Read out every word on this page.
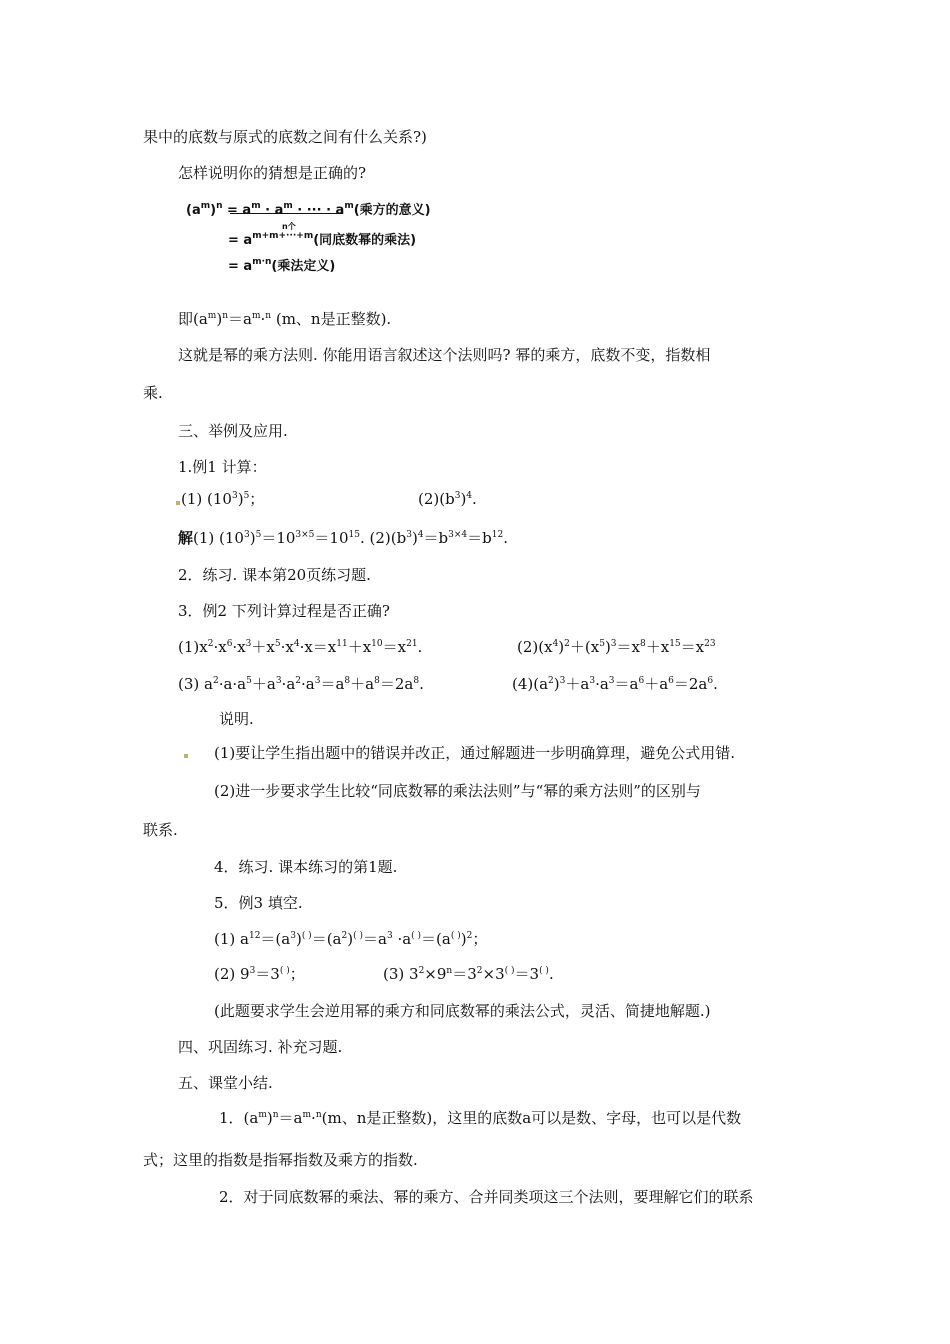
果中的底数与原式的底数之间有什么关系?)
怎样说明你的猜想是正确的?
$(a^m)^n = a^m \cdot a^m$ · ··· · $a^m$(乘方的意义)
n个
= $a^{m+m+\cdot\cdot\cdot+m}$(同底数幂的乘法)
= $a^{m\cdot n}$(乘法定义)
即$(a^m)^n=a^m\cdot^n$ (m、n是正整数).
这就是幂的乘方法则. 你能用语言叙述这个法则吗? 幂的乘方，底数不变，指数相
乘.
三、举例及应用.
1.例1 计算：
(1) $(10^3)^5$；	$(2)(b^3)^4$.
解(1) $(10^3)^5=10^{3\times 5}=10^{15}$. $(2)(b^3)^4=b^{3\times 4}=b^{12}$.
2．练习. 课本第20页练习题.
3．例2 下列计算过程是否正确?
$(1)x^2\cdot x^6\cdot x^3+x^5\cdot x^4\cdot x=x^{11}+x^{10}=x^{21}$.	$(2)(x^4)^2+(x^5)^3=x^8+x^{15}=x^{23}$
(3) $a^2\cdot a\cdot a^5+a^3\cdot a^2\cdot a^3=a^8+a^8=2a^8$.	$(4)(a^2)^3+a^3\cdot a^3=a^6+a^6=2a^6$.
说明.
(1)要让学生指出题中的错误并改正，通过解题进一步明确算理，避免公式用错.
(2)进一步要求学生比较“同底数幂的乘法法则”与“幂的乘方法则”的区别与
联系.
4．练习. 课本练习的第1题.
5．例3 填空.
(1) $a^{12}=(a^3)^{( )}=(a^2)^{( )}=a^3 \cdot a^{( )}=(a^{( )})^2$；
(2) $9^3=3^{( )}$；	(3) $3^2\times 9^n=3^2\times 3^{( )}=3^{( )}$.
(此题要求学生会逆用幂的乘方和同底数幂的乘法公式，灵活、简捷地解题.)
四、巩固练习. 补充习题.
五、课堂小结.
1．$(a^m)^n=a^m\cdot^n(m$、n是正整数)，这里的底数a可以是数、字母，也可以是代数
式；这里的指数是指幂指数及乘方的指数.
2．对于同底数幂的乘法、幂的乘方、合并同类项这三个法则，要理解它们的联系
